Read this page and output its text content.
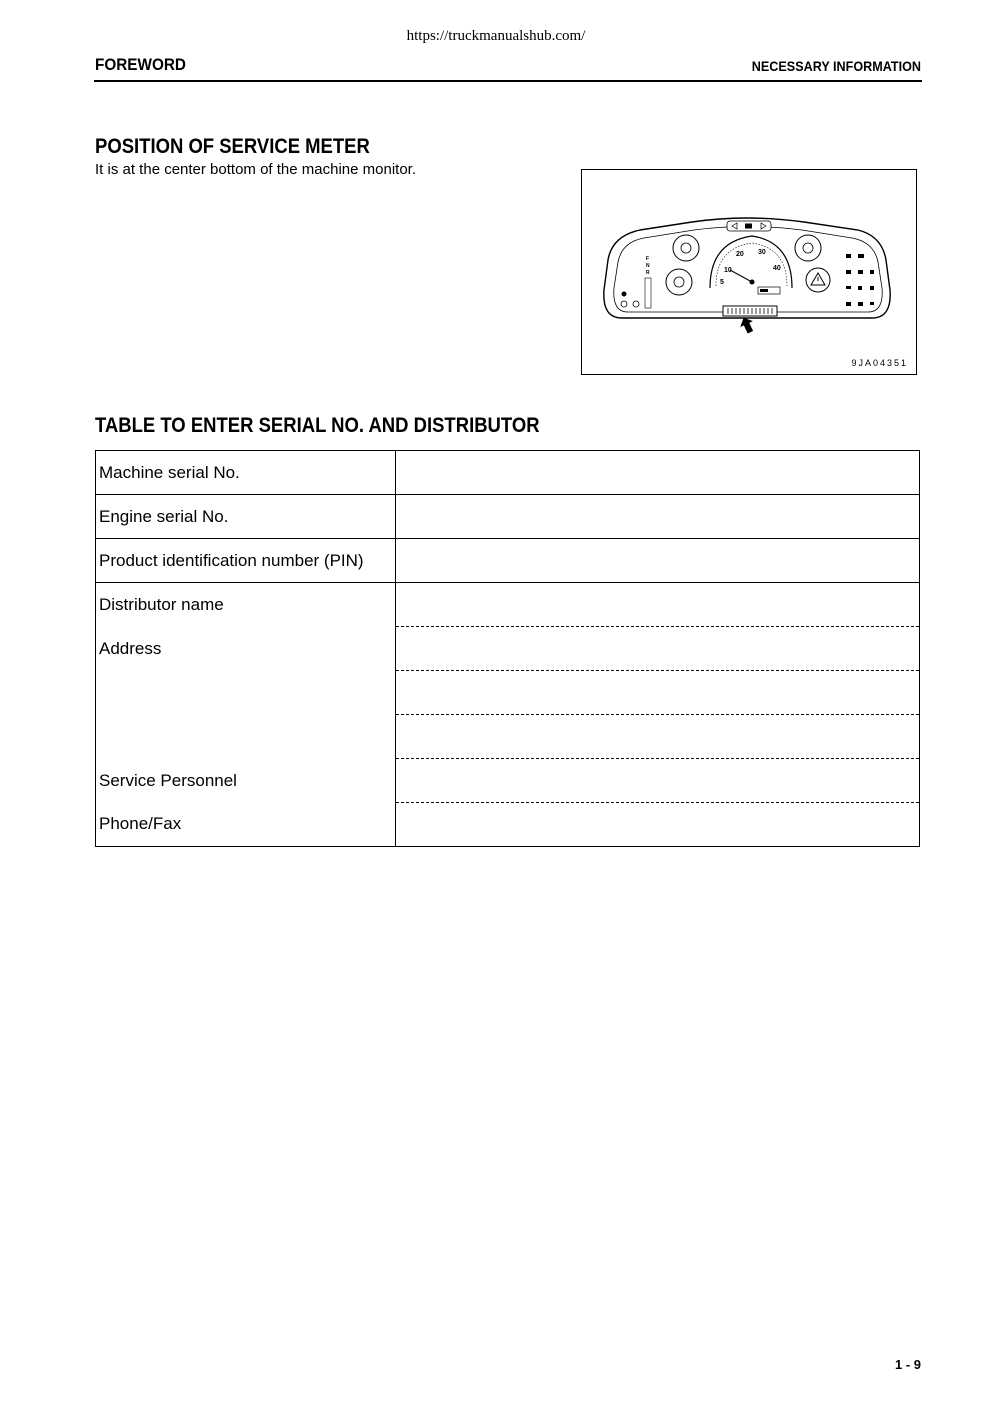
https://truckmanualshub.com/
FOREWORD	NECESSARY INFORMATION
POSITION OF SERVICE METER
It is at the center bottom of the machine monitor.
10
20 30
40
5
F
N
R
9JA04351
TABLE TO ENTER SERIAL NO. AND DISTRIBUTOR
Machine serial No.	
Engine serial No.	
Product identification number (PIN)	
Distributor name	
Address	

Service Personnel	
Phone/Fax	
1 - 9
